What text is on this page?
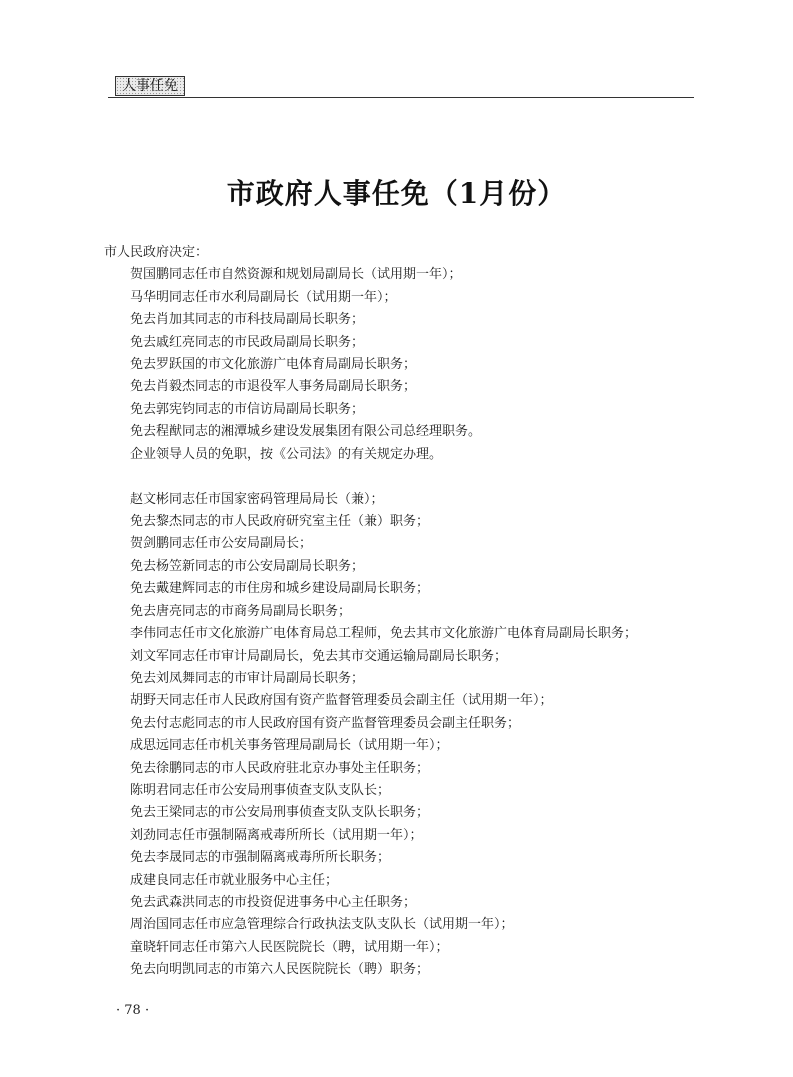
人事任免
市政府人事任免（1月份）

市人民政府决定：

贺国鹏同志任市自然资源和规划局副局长（试用期一年）；

马华明同志任市水利局副局长（试用期一年）；

免去肖加其同志的市科技局副局长职务；

免去戚红亮同志的市民政局副局长职务；

免去罗跃国的市文化旅游广电体育局副局长职务；

免去肖毅杰同志的市退役军人事务局副局长职务；

免去郭宪钧同志的市信访局副局长职务；

免去程猷同志的湘潭城乡建设发展集团有限公司总经理职务。

企业领导人员的免职，按《公司法》的有关规定办理。

赵文彬同志任市国家密码管理局局长（兼）；

免去黎杰同志的市人民政府研究室主任（兼）职务；

贺剑鹏同志任市公安局副局长；

免去杨笠新同志的市公安局副局长职务；

免去戴建辉同志的市住房和城乡建设局副局长职务；

免去唐亮同志的市商务局副局长职务；

李伟同志任市文化旅游广电体育局总工程师，免去其市文化旅游广电体育局副局长职务；

刘文军同志任市审计局副局长，免去其市交通运输局副局长职务；

免去刘凤舞同志的市审计局副局长职务；

胡野天同志任市人民政府国有资产监督管理委员会副主任（试用期一年）；

免去付志彪同志的市人民政府国有资产监督管理委员会副主任职务；

成思远同志任市机关事务管理局副局长（试用期一年）；

免去徐鹏同志的市人民政府驻北京办事处主任职务；

陈明君同志任市公安局刑事侦查支队支队长；

免去王梁同志的市公安局刑事侦查支队支队长职务；

刘劲同志任市强制隔离戒毒所所长（试用期一年）；

免去李晟同志的市强制隔离戒毒所所长职务；

成建良同志任市就业服务中心主任；

免去武森洪同志的市投资促进事务中心主任职务；

周治国同志任市应急管理综合行政执法支队支队长（试用期一年）；

童晓轩同志任市第六人民医院院长（聘，试用期一年）；

免去向明凯同志的市第六人民医院院长（聘）职务；

· 78 ·
